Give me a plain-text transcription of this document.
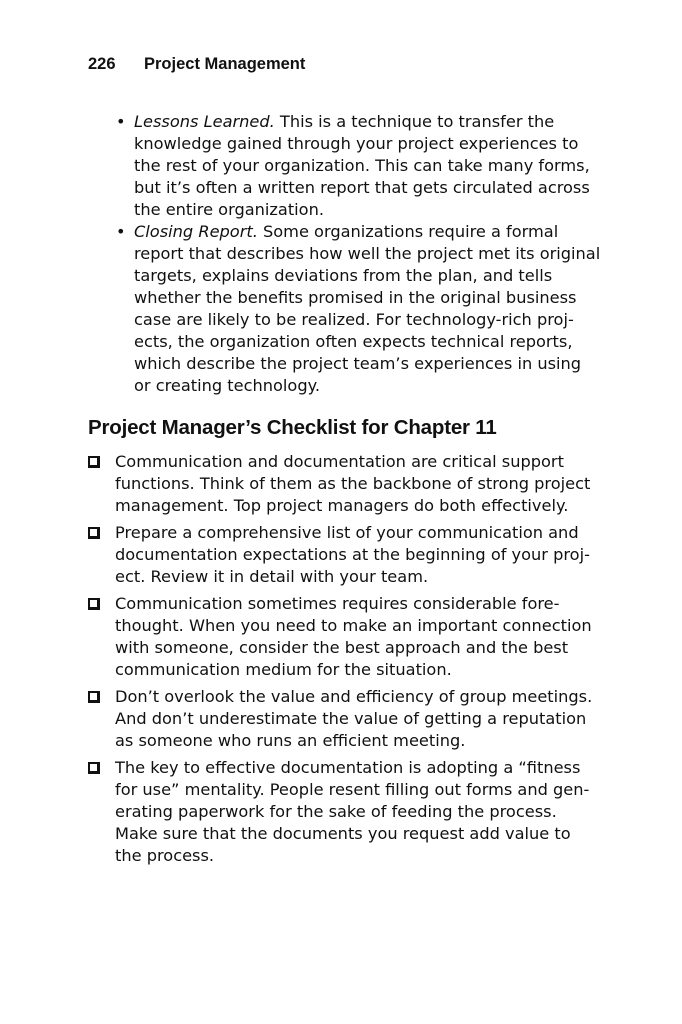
226 Project Management
• Lessons Learned. This is a technique to transfer the
knowledge gained through your project experiences to
the rest of your organization. This can take many forms,
but it’s often a written report that gets circulated across
the entire organization.
• Closing Report. Some organizations require a formal
report that describes how well the project met its original
targets, explains deviations from the plan, and tells
whether the benefits promised in the original business
case are likely to be realized. For technology-rich proj-
ects, the organization often expects technical reports,
which describe the project team’s experiences in using
or creating technology.
Project Manager’s Checklist for Chapter 11
Communication and documentation are critical support
functions. Think of them as the backbone of strong project
management. Top project managers do both effectively.
Prepare a comprehensive list of your communication and
documentation expectations at the beginning of your proj-
ect. Review it in detail with your team.
Communication sometimes requires considerable fore-
thought. When you need to make an important connection
with someone, consider the best approach and the best
communication medium for the situation.
Don’t overlook the value and efficiency of group meetings.
And don’t underestimate the value of getting a reputation
as someone who runs an efficient meeting.
The key to effective documentation is adopting a “fitness
for use” mentality. People resent filling out forms and gen-
erating paperwork for the sake of feeding the process.
Make sure that the documents you request add value to
the process.
